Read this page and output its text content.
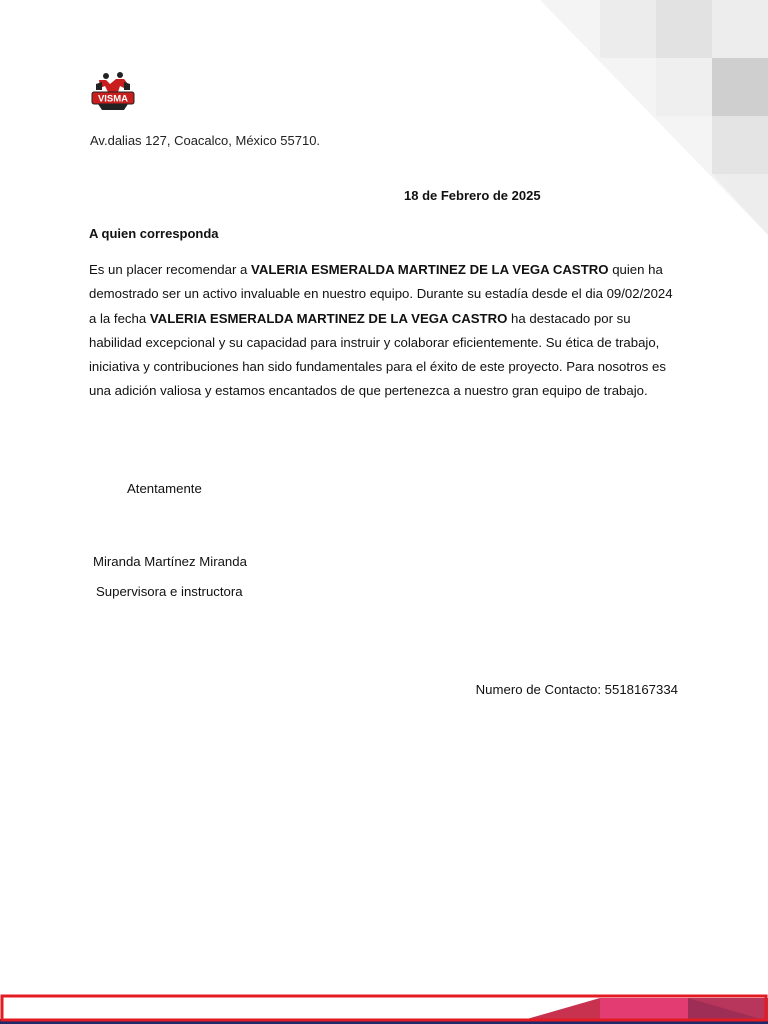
VISMA
Av.dalias 127, Coacalco, México 55710.
18 de Febrero de 2025
A quien corresponda
Es un placer recomendar a VALERIA ESMERALDA MARTINEZ DE LA VEGA CASTRO quien ha demostrado ser un activo invaluable en nuestro equipo. Durante su estadía desde el dia 09/02/2024 a la fecha VALERIA ESMERALDA MARTINEZ DE LA VEGA CASTRO ha destacado por su habilidad excepcional y su capacidad para instruir y colaborar eficientemente. Su ética de trabajo, iniciativa y contribuciones han sido fundamentales para el éxito de este proyecto. Para nosotros es una adición valiosa y estamos encantados de que pertenezca a nuestro gran equipo de trabajo.
Atentamente
Miranda Martínez Miranda
Supervisora e instructora
Numero de Contacto: 5518167334
